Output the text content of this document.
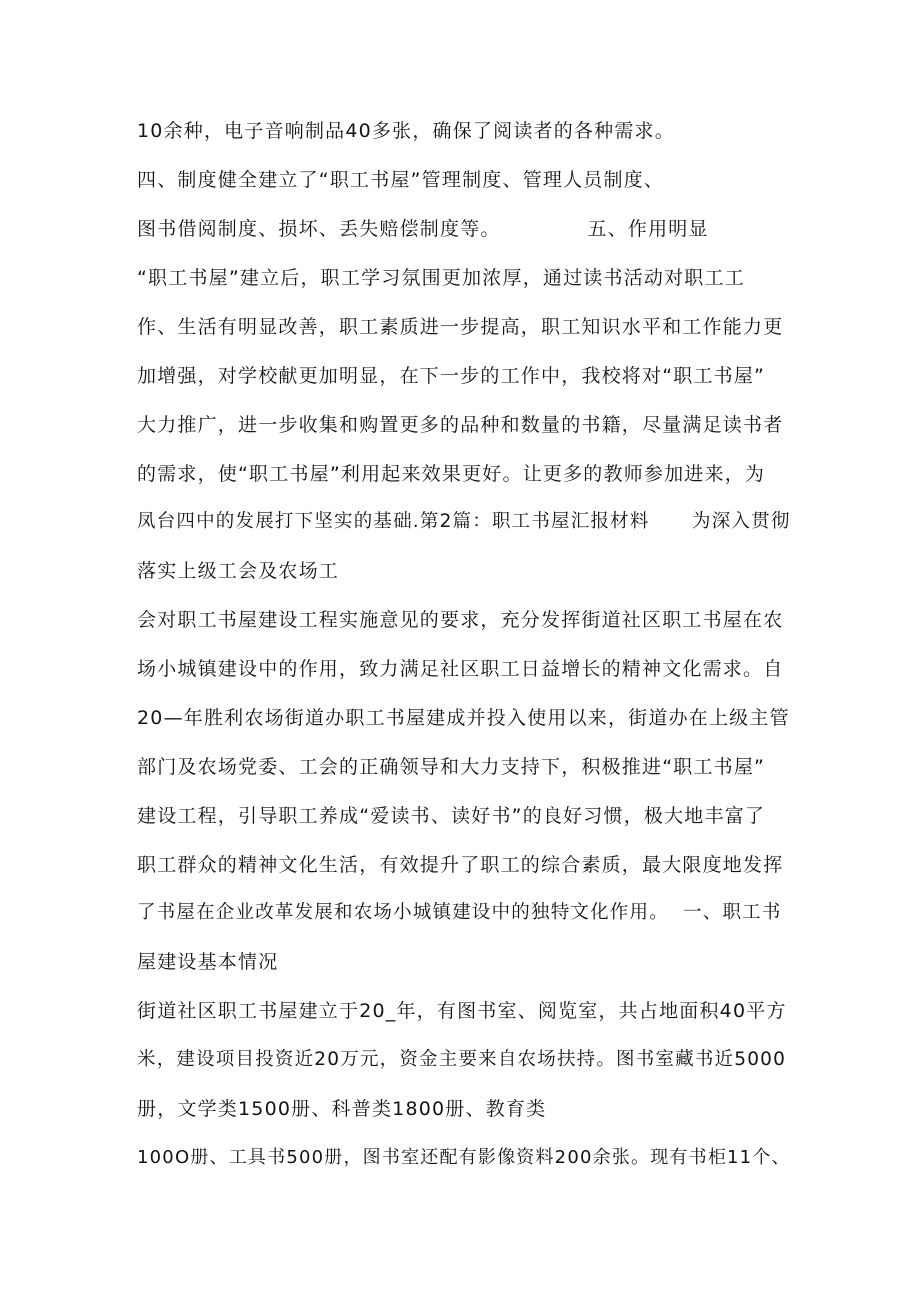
10余种，电子音响制品40多张，确保了阅读者的各种需求。
四、制度健全建立了“职工书屋”管理制度、管理人员制度、
图书借阅制度、损坏、丢失赔偿制度等。            五、作用明显
“职工书屋”建立后，职工学习氛围更加浓厚，通过读书活动对职工工
作、生活有明显改善，职工素质进一步提高，职工知识水平和工作能力更
加增强，对学校献更加明显，在下一步的工作中，我校将对“职工书屋”
大力推广，进一步收集和购置更多的品种和数量的书籍，尽量满足读书者
的需求，使“职工书屋”利用起来效果更好。让更多的教师参加进来，为
凤台四中的发展打下坚实的基础.第2篇：职工书屋汇报材料      为深入贯彻
落实上级工会及农场工
会对职工书屋建设工程实施意见的要求，充分发挥街道社区职工书屋在农
场小城镇建设中的作用，致力满足社区职工日益增长的精神文化需求。自
20—年胜利农场街道办职工书屋建成并投入使用以来，街道办在上级主管
部门及农场党委、工会的正确领导和大力支持下，积极推进“职工书屋”
建设工程，引导职工养成“爱读书、读好书”的良好习惯，极大地丰富了
职工群众的精神文化生活，有效提升了职工的综合素质，最大限度地发挥
了书屋在企业改革发展和农场小城镇建设中的独特文化作用。  一、职工书
屋建设基本情况
街道社区职工书屋建立于20_年，有图书室、阅览室，共占地面积40平方
米，建设项目投资近20万元，资金主要来自农场扶持。图书室藏书近5000
册，文学类1500册、科普类1800册、教育类
100O册、工具书500册，图书室还配有影像资料200余张。现有书柜11个、
